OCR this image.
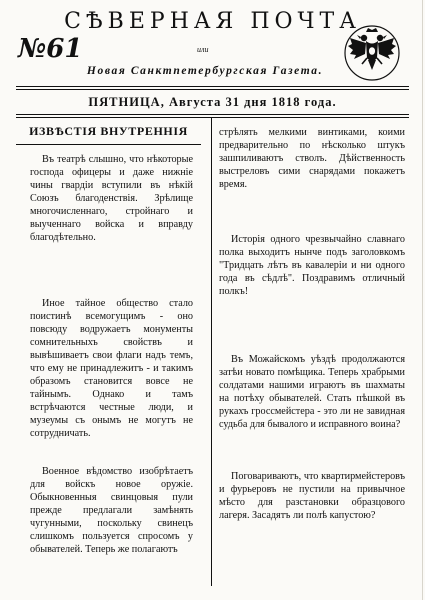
СѢВЕРНАЯ ПОЧТА
№61	или
Новая Санктпетербургская Газета.
ПЯТНИЦА, Августа 31 дня 1818 года.
ИЗВѢСТІЯ ВНУТРЕННІЯ

Въ театрѣ слышно, что нѣкоторые господа офицеры и даже нижніе чины гвардіи вступили въ нѣкій Союзъ благоденствія. Зрѣлище многочисленнаго, стройнаго и выученнаго войска и вправду благодѣтельно.

Иное тайное общество стало поистинѣ всемогущимъ - оно повсюду водружаетъ монументы сомнительныхъ свойствъ и вывѣшиваетъ свои флаги надъ темъ, что ему не принадлежитъ - и такимъ образомъ становится вовсе не тайнымъ. Однако и тамъ встрѣчаются честные люди, и музеумы съ онымъ не могутъ не сотрудничать.

Военное вѣдомство изобрѣтаетъ для войскъ новое оружіе. Обыкновенныя свинцовыя пули прежде предлагали замѣнять чугунными, поскольку свинецъ слишкомъ пользуется спросомъ у обывателей. Теперь же полагаютъ

стрѣлять мелкими винтиками, коими предварительно по нѣсколько штукъ зашпиливаютъ стволъ. Дѣйственность выстреловъ сими снарядами покажетъ время.

Исторія одного чрезвычайно славнаго полка выходитъ нынче подъ заголовкомъ "Тридцать лѣтъ въ кавалеріи и ни одного года въ сѣдлѣ". Поздравимъ отличный полкъ!

Въ Можайскомъ уѣздѣ продолжаются затѣи новато помѣщика. Теперь храбрыми солдатами нашими играютъ въ шахматы на потѣху обывателей. Стать пѣшкой въ рукахъ гроссмейстера - это ли не завидная судьба для бывалого и исправного воина?

Поговариваютъ, что квартирмейстеровъ и фурьеровъ не пустили на привычное мѣсто для разстановки образцового лагеря. Засадятъ ли полѣ капустою?
